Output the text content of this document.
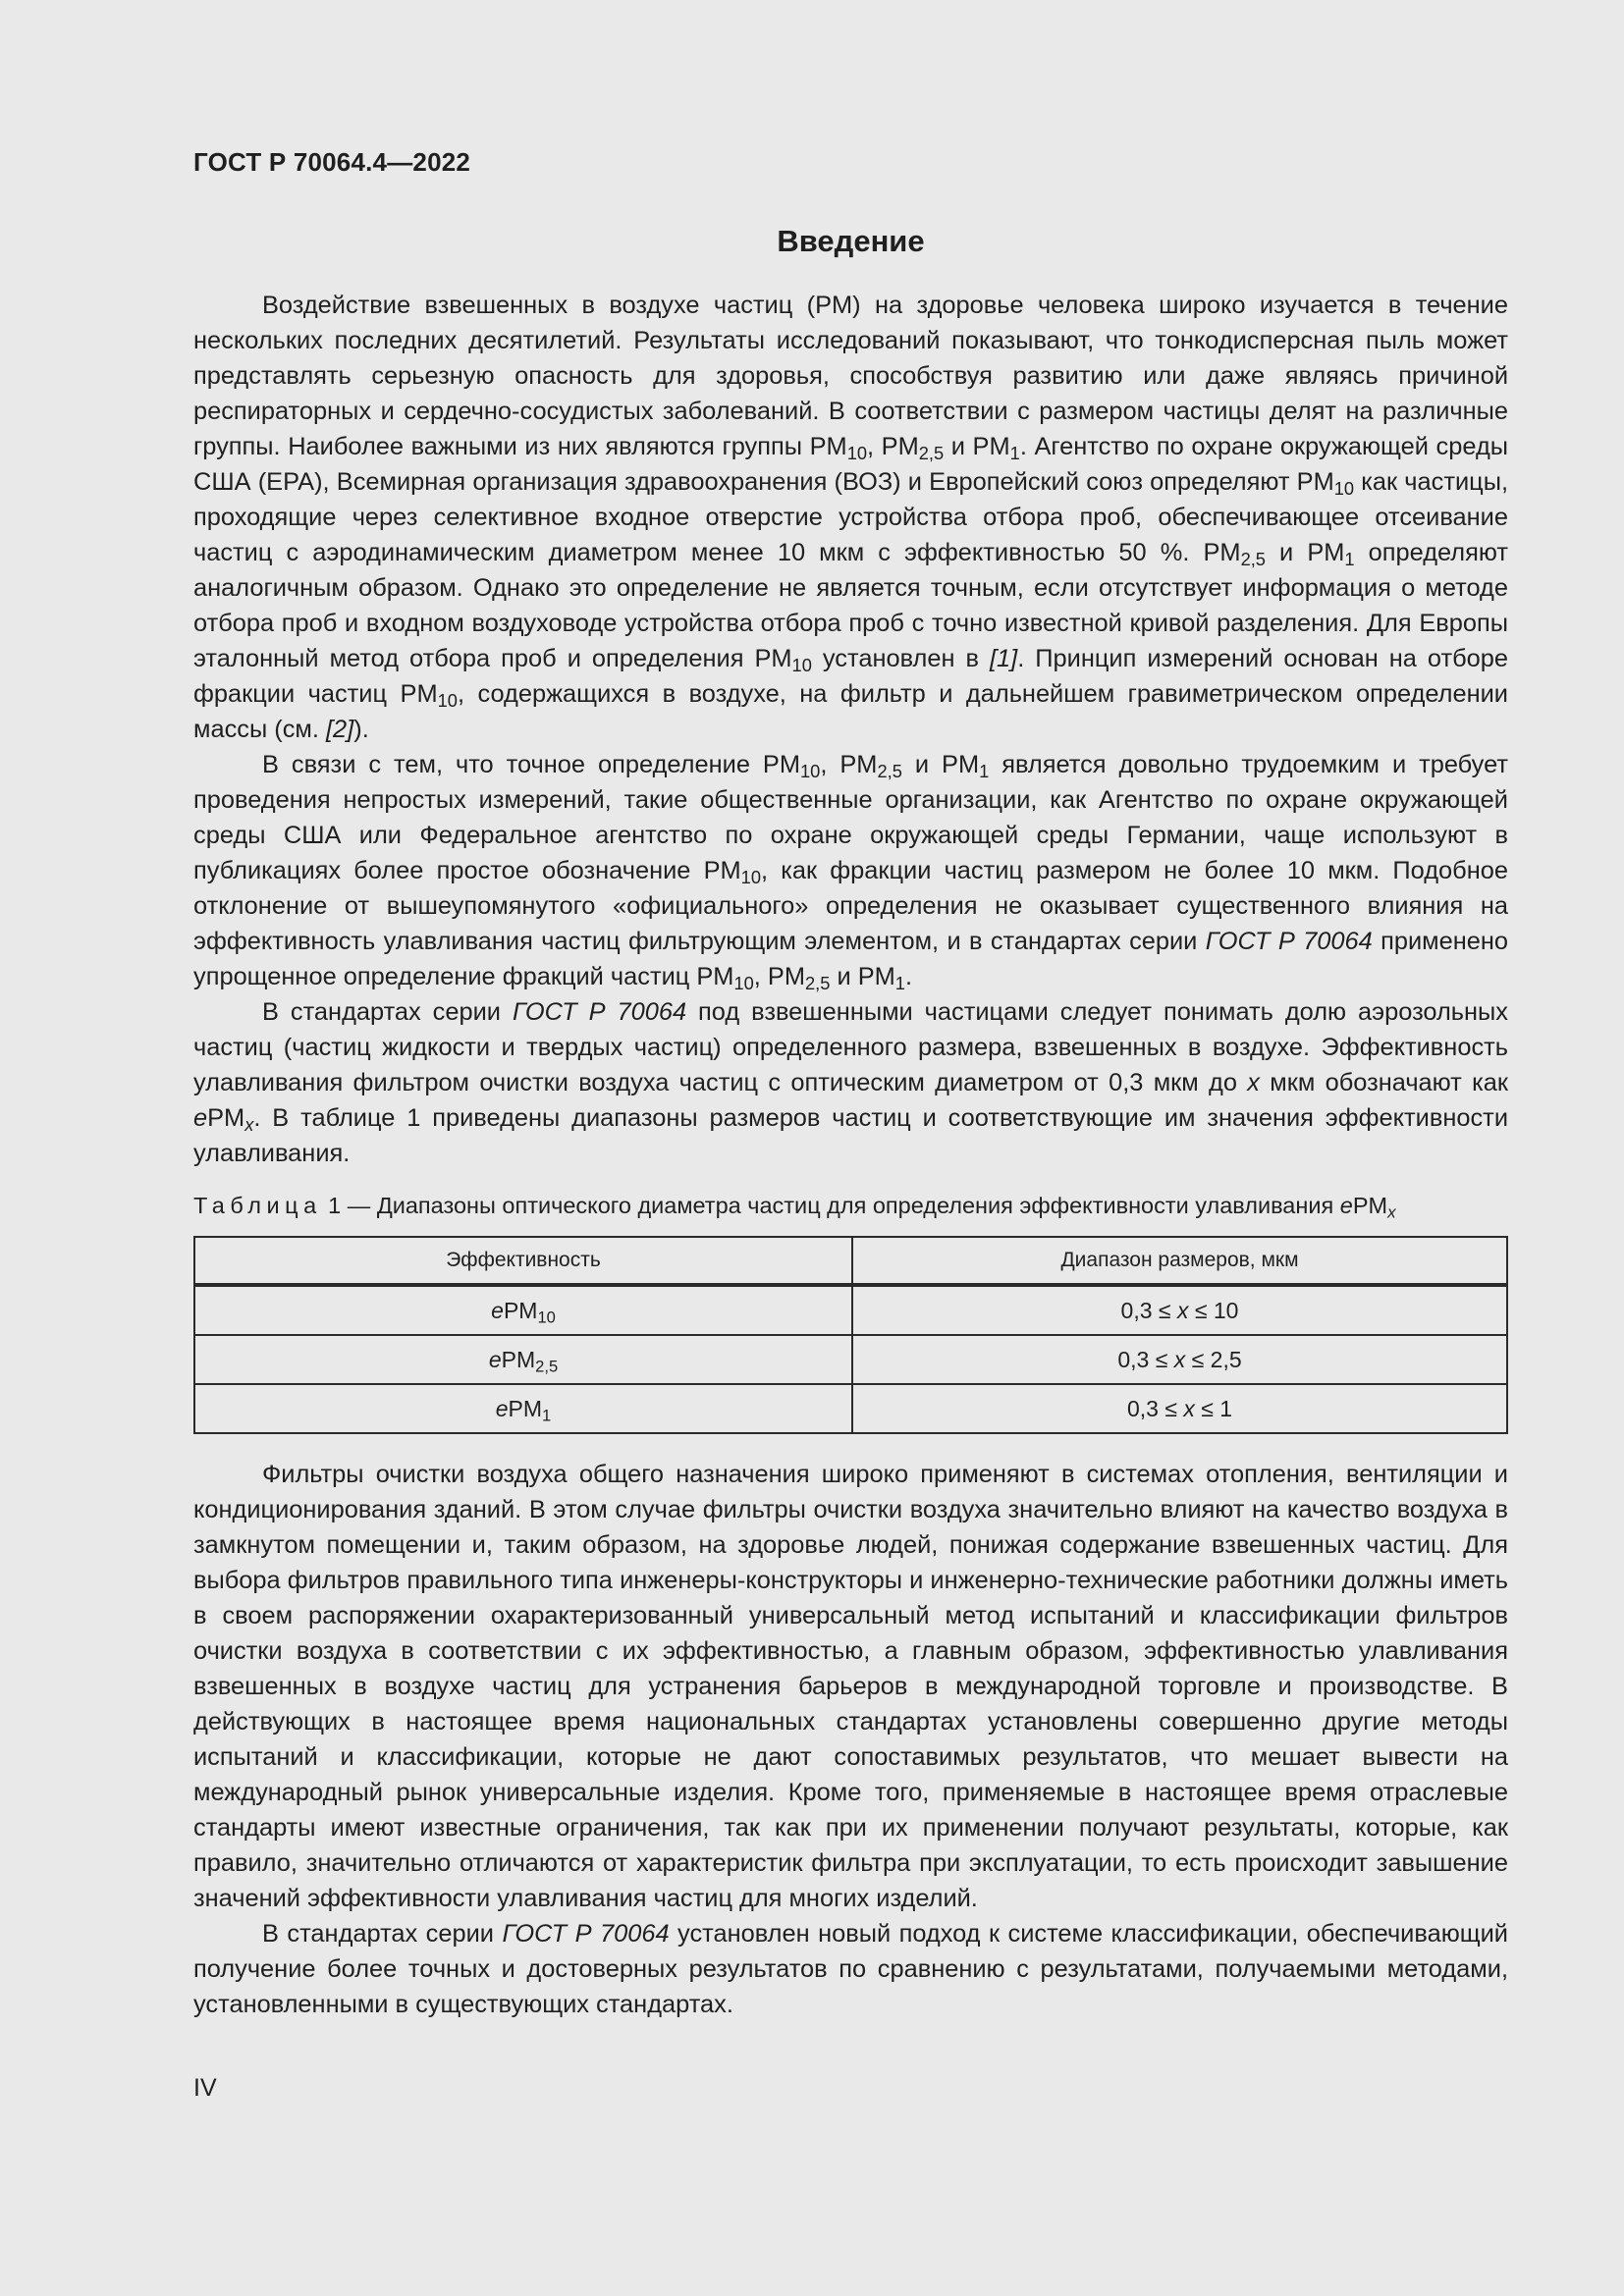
ГОСТ Р 70064.4—2022
Введение

Воздействие взвешенных в воздухе частиц (PM) на здоровье человека широко изучается в течение нескольких последних десятилетий. Результаты исследований показывают, что тонкодисперсная пыль может представлять серьезную опасность для здоровья, способствуя развитию или даже являясь причиной респираторных и сердечно-сосудистых заболеваний. В соответствии с размером частицы делят на различные группы. Наиболее важными из них являются группы $PM_{10}$, $PM_{2,5}$ и $PM_1$. Агентство по охране окружающей среды США (EPA), Всемирная организация здравоохранения (ВОЗ) и Европейский союз определяют $PM_{10}$ как частицы, проходящие через селективное входное отверстие устройства отбора проб, обеспечивающее отсеивание частиц с аэродинамическим диаметром менее 10 мкм с эффективностью 50 %. $PM_{2,5}$ и $PM_1$ определяют аналогичным образом. Однако это определение не является точным, если отсутствует информация о методе отбора проб и входном воздуховоде устройства отбора проб с точно известной кривой разделения. Для Европы эталонный метод отбора проб и определения $PM_{10}$ установлен в [1]. Принцип измерений основан на отборе фракции частиц $PM_{10}$, содержащихся в воздухе, на фильтр и дальнейшем гравиметрическом определении массы (см. [2]).

В связи с тем, что точное определение $PM_{10}$, $PM_{2,5}$ и $PM_1$ является довольно трудоемким и требует проведения непростых измерений, такие общественные организации, как Агентство по охране окружающей среды США или Федеральное агентство по охране окружающей среды Германии, чаще используют в публикациях более простое обозначение $PM_{10}$, как фракции частиц размером не более 10 мкм. Подобное отклонение от вышеупомянутого «официального» определения не оказывает существенного влияния на эффективность улавливания частиц фильтрующим элементом, и в стандартах серии ГОСТ Р 70064 применено упрощенное определение фракций частиц $PM_{10}$, $PM_{2,5}$ и $PM_1$.

В стандартах серии ГОСТ Р 70064 под взвешенными частицами следует понимать долю аэрозольных частиц (частиц жидкости и твердых частиц) определенного размера, взвешенных в воздухе. Эффективность улавливания фильтром очистки воздуха частиц с оптическим диаметром от 0,3 мкм до x мкм обозначают как ePM$_x$. В таблице 1 приведены диапазоны размеров частиц и соответствующие им значения эффективности улавливания.

Таблица 1 — Диапазоны оптического диаметра частиц для определения эффективности улавливания ePM$_x$
Эффективность	Диапазон размеров, мкм
ePM$_{10}$	0,3 ≤ x ≤ 10
ePM$_{2,5}$	0,3 ≤ x ≤ 2,5
ePM$_1$	0,3 ≤ x ≤ 1

Фильтры очистки воздуха общего назначения широко применяют в системах отопления, вентиляции и кондиционирования зданий. В этом случае фильтры очистки воздуха значительно влияют на качество воздуха в замкнутом помещении и, таким образом, на здоровье людей, понижая содержание взвешенных частиц. Для выбора фильтров правильного типа инженеры-конструкторы и инженерно-технические работники должны иметь в своем распоряжении охарактеризованный универсальный метод испытаний и классификации фильтров очистки воздуха в соответствии с их эффективностью, а главным образом, эффективностью улавливания взвешенных в воздухе частиц для устранения барьеров в международной торговле и производстве. В действующих в настоящее время национальных стандартах установлены совершенно другие методы испытаний и классификации, которые не дают сопоставимых результатов, что мешает вывести на международный рынок универсальные изделия. Кроме того, применяемые в настоящее время отраслевые стандарты имеют известные ограничения, так как при их применении получают результаты, которые, как правило, значительно отличаются от характеристик фильтра при эксплуатации, то есть происходит завышение значений эффективности улавливания частиц для многих изделий.

В стандартах серии ГОСТ Р 70064 установлен новый подход к системе классификации, обеспечивающий получение более точных и достоверных результатов по сравнению с результатами, получаемыми методами, установленными в существующих стандартах.

IV
